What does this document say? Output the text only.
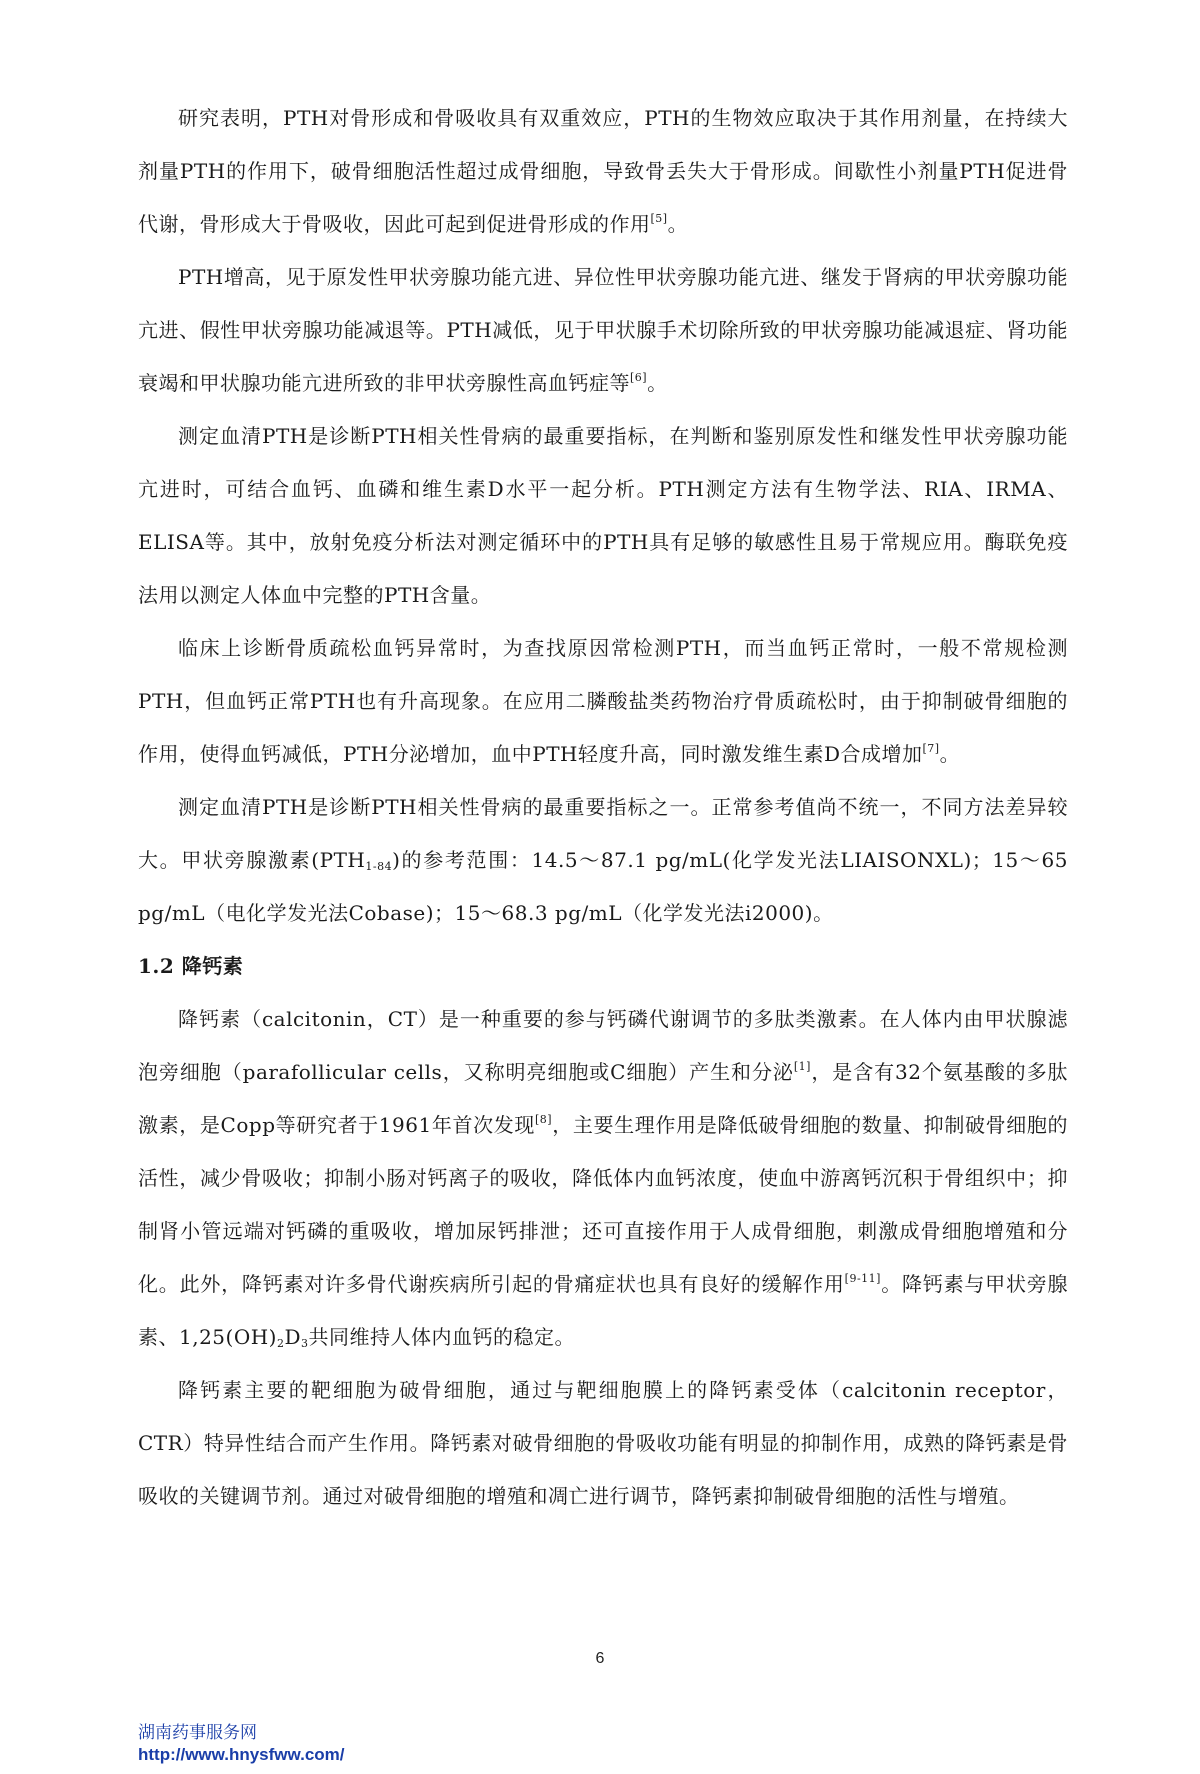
研究表明，PTH对骨形成和骨吸收具有双重效应，PTH的生物效应取决于其作用剂量，在持续大剂量PTH的作用下，破骨细胞活性超过成骨细胞，导致骨丢失大于骨形成。间歇性小剂量PTH促进骨代谢，骨形成大于骨吸收，因此可起到促进骨形成的作用[5]。

PTH增高，见于原发性甲状旁腺功能亢进、异位性甲状旁腺功能亢进、继发于肾病的甲状旁腺功能亢进、假性甲状旁腺功能减退等。PTH减低，见于甲状腺手术切除所致的甲状旁腺功能减退症、肾功能衰竭和甲状腺功能亢进所致的非甲状旁腺性高血钙症等[6]。

测定血清PTH是诊断PTH相关性骨病的最重要指标，在判断和鉴别原发性和继发性甲状旁腺功能亢进时，可结合血钙、血磷和维生素D水平一起分析。PTH测定方法有生物学法、RIA、IRMA、ELISA等。其中，放射免疫分析法对测定循环中的PTH具有足够的敏感性且易于常规应用。酶联免疫法用以测定人体血中完整的PTH含量。

临床上诊断骨质疏松血钙异常时，为查找原因常检测PTH，而当血钙正常时，一般不常规检测PTH，但血钙正常PTH也有升高现象。在应用二膦酸盐类药物治疗骨质疏松时，由于抑制破骨细胞的作用，使得血钙减低，PTH分泌增加，血中PTH轻度升高，同时激发维生素D合成增加[7]。

测定血清PTH是诊断PTH相关性骨病的最重要指标之一。正常参考值尚不统一，不同方法差异较大。甲状旁腺激素$(PTH_{1-84})$的参考范围：14.5～87.1 pg/mL(化学发光法LIAISONXL)；15～65 pg/mL（电化学发光法Cobase)；15～68.3 pg/mL（化学发光法i2000)。

1.2 降钙素

降钙素（calcitonin，CT）是一种重要的参与钙磷代谢调节的多肽类激素。在人体内由甲状腺滤泡旁细胞（parafollicular cells，又称明亮细胞或C细胞）产生和分泌[1]，是含有32个氨基酸的多肽激素，是Copp等研究者于1961年首次发现[8]，主要生理作用是降低破骨细胞的数量、抑制破骨细胞的活性，减少骨吸收；抑制小肠对钙离子的吸收，降低体内血钙浓度，使血中游离钙沉积于骨组织中；抑制肾小管远端对钙磷的重吸收，增加尿钙排泄；还可直接作用于人成骨细胞，刺激成骨细胞增殖和分化。此外，降钙素对许多骨代谢疾病所引起的骨痛症状也具有良好的缓解作用[9-11]。降钙素与甲状旁腺素、$1,25(OH)_2D_3$共同维持人体内血钙的稳定。

降钙素主要的靶细胞为破骨细胞，通过与靶细胞膜上的降钙素受体（calcitonin receptor，CTR）特异性结合而产生作用。降钙素对破骨细胞的骨吸收功能有明显的抑制作用，成熟的降钙素是骨吸收的关键调节剂。通过对破骨细胞的增殖和凋亡进行调节，降钙素抑制破骨细胞的活性与增殖。

6
湖南药事服务网
http://www.hnysfww.com/
